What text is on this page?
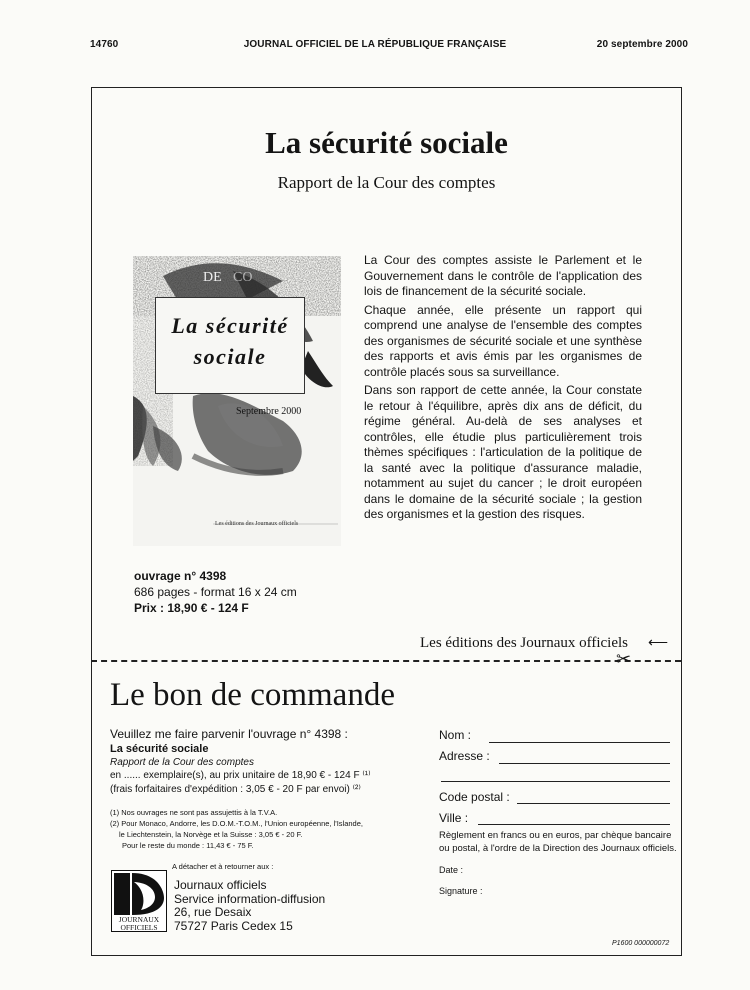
14760	JOURNAL OFFICIEL DE LA RÉPUBLIQUE FRANÇAISE	20 septembre 2000
La sécurité sociale
Rapport de la Cour des comptes
DE CO
La sécurité
sociale
Septembre 2000
Les éditions des Journaux officiels
ouvrage n° 4398
686 pages - format 16 x 24 cm
Prix : 18,90 € - 124 F

La Cour des comptes assiste le Parlement et le Gouvernement dans le contrôle de l'application des lois de financement de la sécurité sociale.

Chaque année, elle présente un rapport qui comprend une analyse de l'ensemble des comptes des organismes de sécurité sociale et une synthèse des rapports et avis émis par les organismes de contrôle placés sous sa surveillance.

Dans son rapport de cette année, la Cour constate le retour à l'équilibre, après dix ans de déficit, du régime général. Au-delà de ses analyses et contrôles, elle étudie plus particulièrement trois thèmes spécifiques : l'articulation de la politique de la santé avec la politique d'assurance maladie, notamment au sujet du cancer ; le droit européen dans le domaine de la sécurité sociale ; la gestion des organismes et la gestion des risques.

Les éditions des Journaux officiels ⟵
✂
Le bon de commande
Veuillez me faire parvenir l'ouvrage n° 4398 :
La sécurité sociale
Rapport de la Cour des comptes
en ...... exemplaire(s), au prix unitaire de 18,90 € - 124 F ⁽¹⁾
(frais forfaitaires d'expédition : 3,05 € - 20 F par envoi) ⁽²⁾
(1) Nos ouvrages ne sont pas assujettis à la T.V.A.
(2) Pour Monaco, Andorre, les D.O.M.-T.O.M., l'Union européenne, l'Islande,
le Liechtenstein, la Norvège et la Suisse : 3,05 € - 20 F.
Pour le reste du monde : 11,43 € - 75 F.
A détacher et à retourner aux :
JOURNAUX
OFFICIELS
Journaux officiels
Service information-diffusion
26, rue Desaix
75727 Paris Cedex 15
Nom :
Adresse :
Code postal :
Ville :
Règlement en francs ou en euros, par chèque bancaire ou postal, à l'ordre de la Direction des Journaux officiels.
Date :
Signature :
P1600 000000072
